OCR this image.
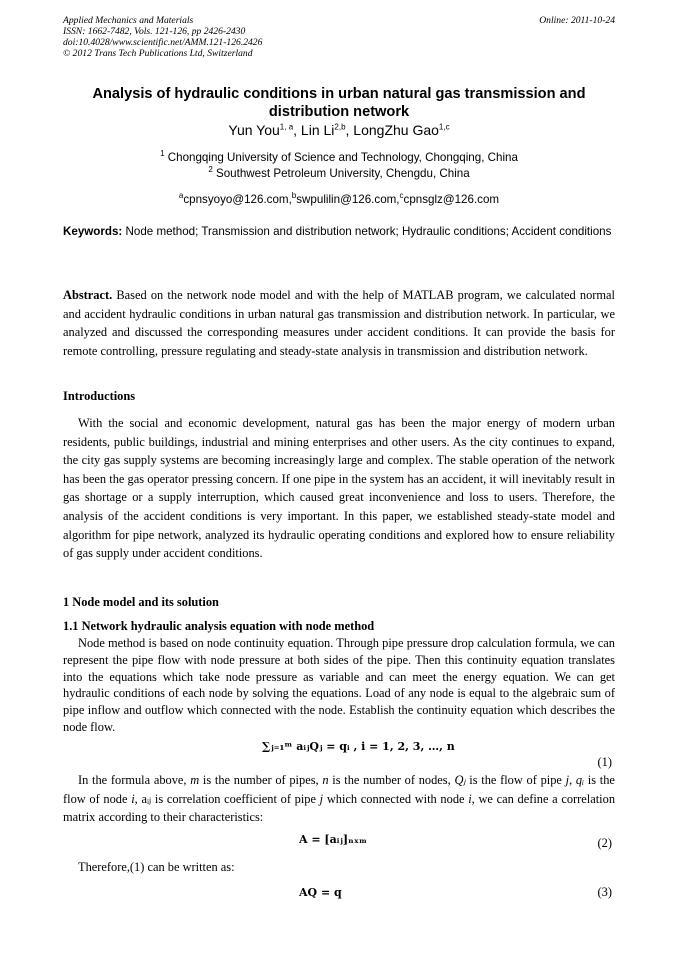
Applied Mechanics and Materials
ISSN: 1662-7482, Vols. 121-126, pp 2426-2430
doi:10.4028/www.scientific.net/AMM.121-126.2426
© 2012 Trans Tech Publications Ltd, Switzerland
Online: 2011-10-24
Analysis of hydraulic conditions in urban natural gas transmission and distribution network
Yun You$^{1, a}$, Lin Li$^{2,b}$, LongZhu Gao$^{1,c}$
$^1$ Chongqing University of Science and Technology, Chongqing, China
$^2$ Southwest Petroleum University, Chengdu, China
$^a$cpnsyoyo@126.com,$^b$swpulilin@126.com,$^c$cpnsglz@126.com
Keywords: Node method; Transmission and distribution network; Hydraulic conditions; Accident conditions
Abstract. Based on the network node model and with the help of MATLAB program, we calculated normal and accident hydraulic conditions in urban natural gas transmission and distribution network. In particular, we analyzed and discussed the corresponding measures under accident conditions. It can provide the basis for remote controlling, pressure regulating and steady-state analysis in transmission and distribution network.
Introductions
With the social and economic development, natural gas has been the major energy of modern urban residents, public buildings, industrial and mining enterprises and other users. As the city continues to expand, the city gas supply systems are becoming increasingly large and complex. The stable operation of the network has been the gas operator pressing concern. If one pipe in the system has an accident, it will inevitably result in gas shortage or a supply interruption, which caused great inconvenience and loss to users. Therefore, the analysis of the accident conditions is very important. In this paper, we established steady-state model and algorithm for pipe network, analyzed its hydraulic operating conditions and explored how to ensure reliability of gas supply under accident conditions.
1 Node model and its solution
1.1 Network hydraulic analysis equation with node method
Node method is based on node continuity equation. Through pipe pressure drop calculation formula, we can represent the pipe flow with node pressure at both sides of the pipe. Then this continuity equation translates into the equations which take node pressure as variable and can meet the energy equation. We can get hydraulic conditions of each node by solving the equations. Load of any node is equal to the algebraic sum of pipe inflow and outflow which connected with the node. Establish the continuity equation which describes the node flow.
∑ⱼ₌₁ᵐ aᵢⱼQⱼ = qᵢ , i = 1, 2, 3, …, n
(1)
In the formula above, m is the number of pipes, n is the number of nodes, Qⱼ is the flow of pipe j, qᵢ is the flow of node i, aᵢⱼ is correlation coefficient of pipe j which connected with node i, we can define a correlation matrix according to their characteristics:
A = [aᵢⱼ]ₙₓₘ	(2)
Therefore,(1) can be written as:
AQ = q	(3)
